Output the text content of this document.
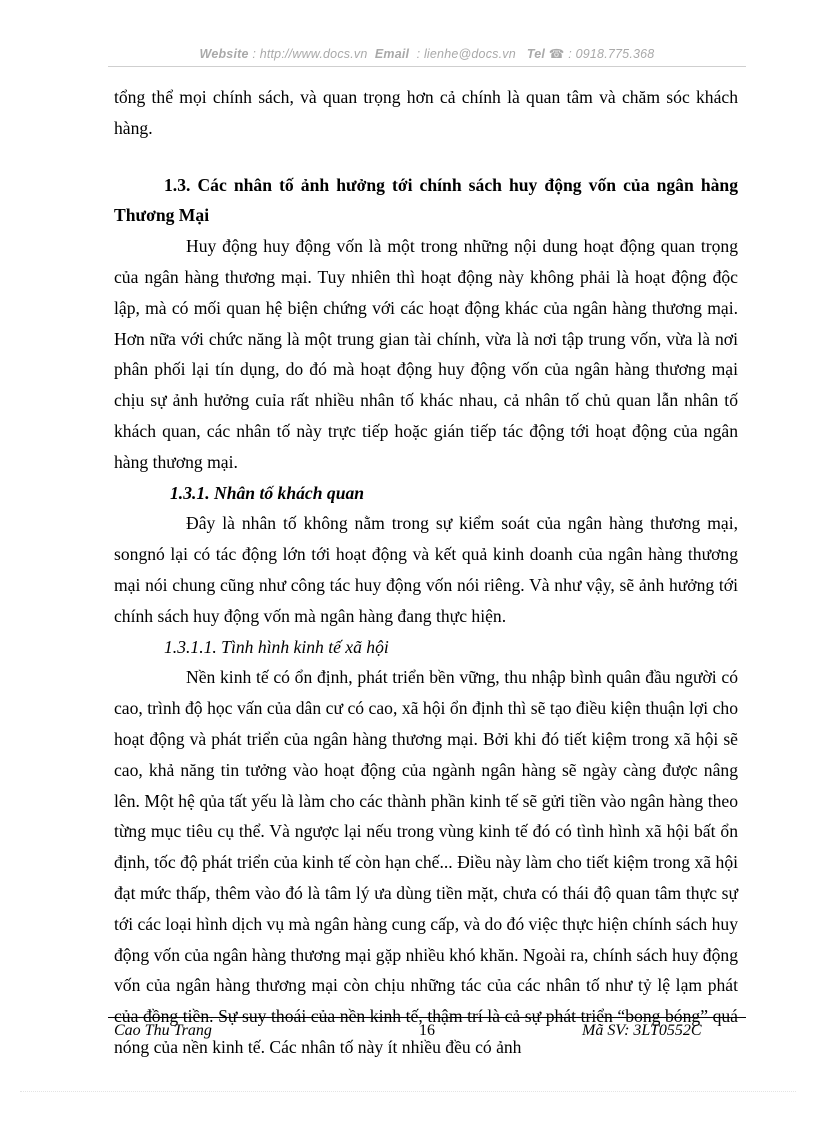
Website : http://www.docs.vn Email : lienhe@docs.vn Tel ☎ : 0918.775.368

tổng thể mọi chính sách, và quan trọng hơn cả chính là quan tâm và chăm sóc khách hàng.

1.3. Các nhân tố ảnh hưởng tới chính sách huy động vốn của ngân hàng Thương Mại

Huy động huy động vốn là một trong những nội dung hoạt động quan trọng của ngân hàng thương mại. Tuy nhiên thì hoạt động này không phải là hoạt động độc lập, mà có mối quan hệ biện chứng với các hoạt động khác của ngân hàng thương mại. Hơn nữa với chức năng là một trung gian tài chính, vừa là nơi tập trung vốn, vừa là nơi phân phối lại tín dụng, do đó mà hoạt động huy động vốn của ngân hàng thương mại chịu sự ảnh hưởng cuỉa rất nhiều nhân tố khác nhau, cả nhân tố chủ quan lẫn nhân tố khách quan, các nhân tố này trực tiếp hoặc gián tiếp tác động tới hoạt động của ngân hàng thương mại.

1.3.1. Nhân tố khách quan

Đây là nhân tố không nằm trong sự kiểm soát của ngân hàng thương mại, songnó lại có tác động lớn tới hoạt động và kết quả kinh doanh của ngân hàng thương mại nói chung cũng như công tác huy động vốn nói riêng. Và như vậy, sẽ ảnh hưởng tới chính sách huy động vốn mà ngân hàng đang thực hiện.

1.3.1.1. Tình hình kinh tế xã hội

Nền kinh tế có ổn định, phát triển bền vững, thu nhập bình quân đầu người có cao, trình độ học vấn của dân cư có cao, xã hội ổn định thì sẽ tạo điều kiện thuận lợi cho hoạt động và phát triển của ngân hàng thương mại. Bởi khi đó tiết kiệm trong xã hội sẽ cao, khả năng tin tưởng vào hoạt động của ngành ngân hàng sẽ ngày càng được nâng lên. Một hệ qủa tất yếu là làm cho các thành phần kinh tế sẽ gửi tiền vào ngân hàng theo từng mục tiêu cụ thể. Và ngược lại nếu trong vùng kinh tế đó có tình hình xã hội bất ổn định, tốc độ phát triển của kinh tế còn hạn chế... Điều này làm cho tiết kiệm trong xã hội đạt mức thấp, thêm vào đó là tâm lý ưa dùng tiền mặt, chưa có thái độ quan tâm thực sự tới các loại hình dịch vụ mà ngân hàng cung cấp, và do đó việc thực hiện chính sách huy động vốn của ngân hàng thương mại gặp nhiều khó khăn. Ngoài ra, chính sách huy động vốn của ngân hàng thương mại còn chịu những tác của các nhân tố như tỷ lệ lạm phát của đồng tiền. Sự suy thoái của nền kinh tế, thậm trí là cả sự phát triển “bong bóng” quá nóng của nền kinh tế. Các nhân tố này ít nhiều đều có ảnh

Cao Thu Trang	16	Mã SV: 3LT0552C
